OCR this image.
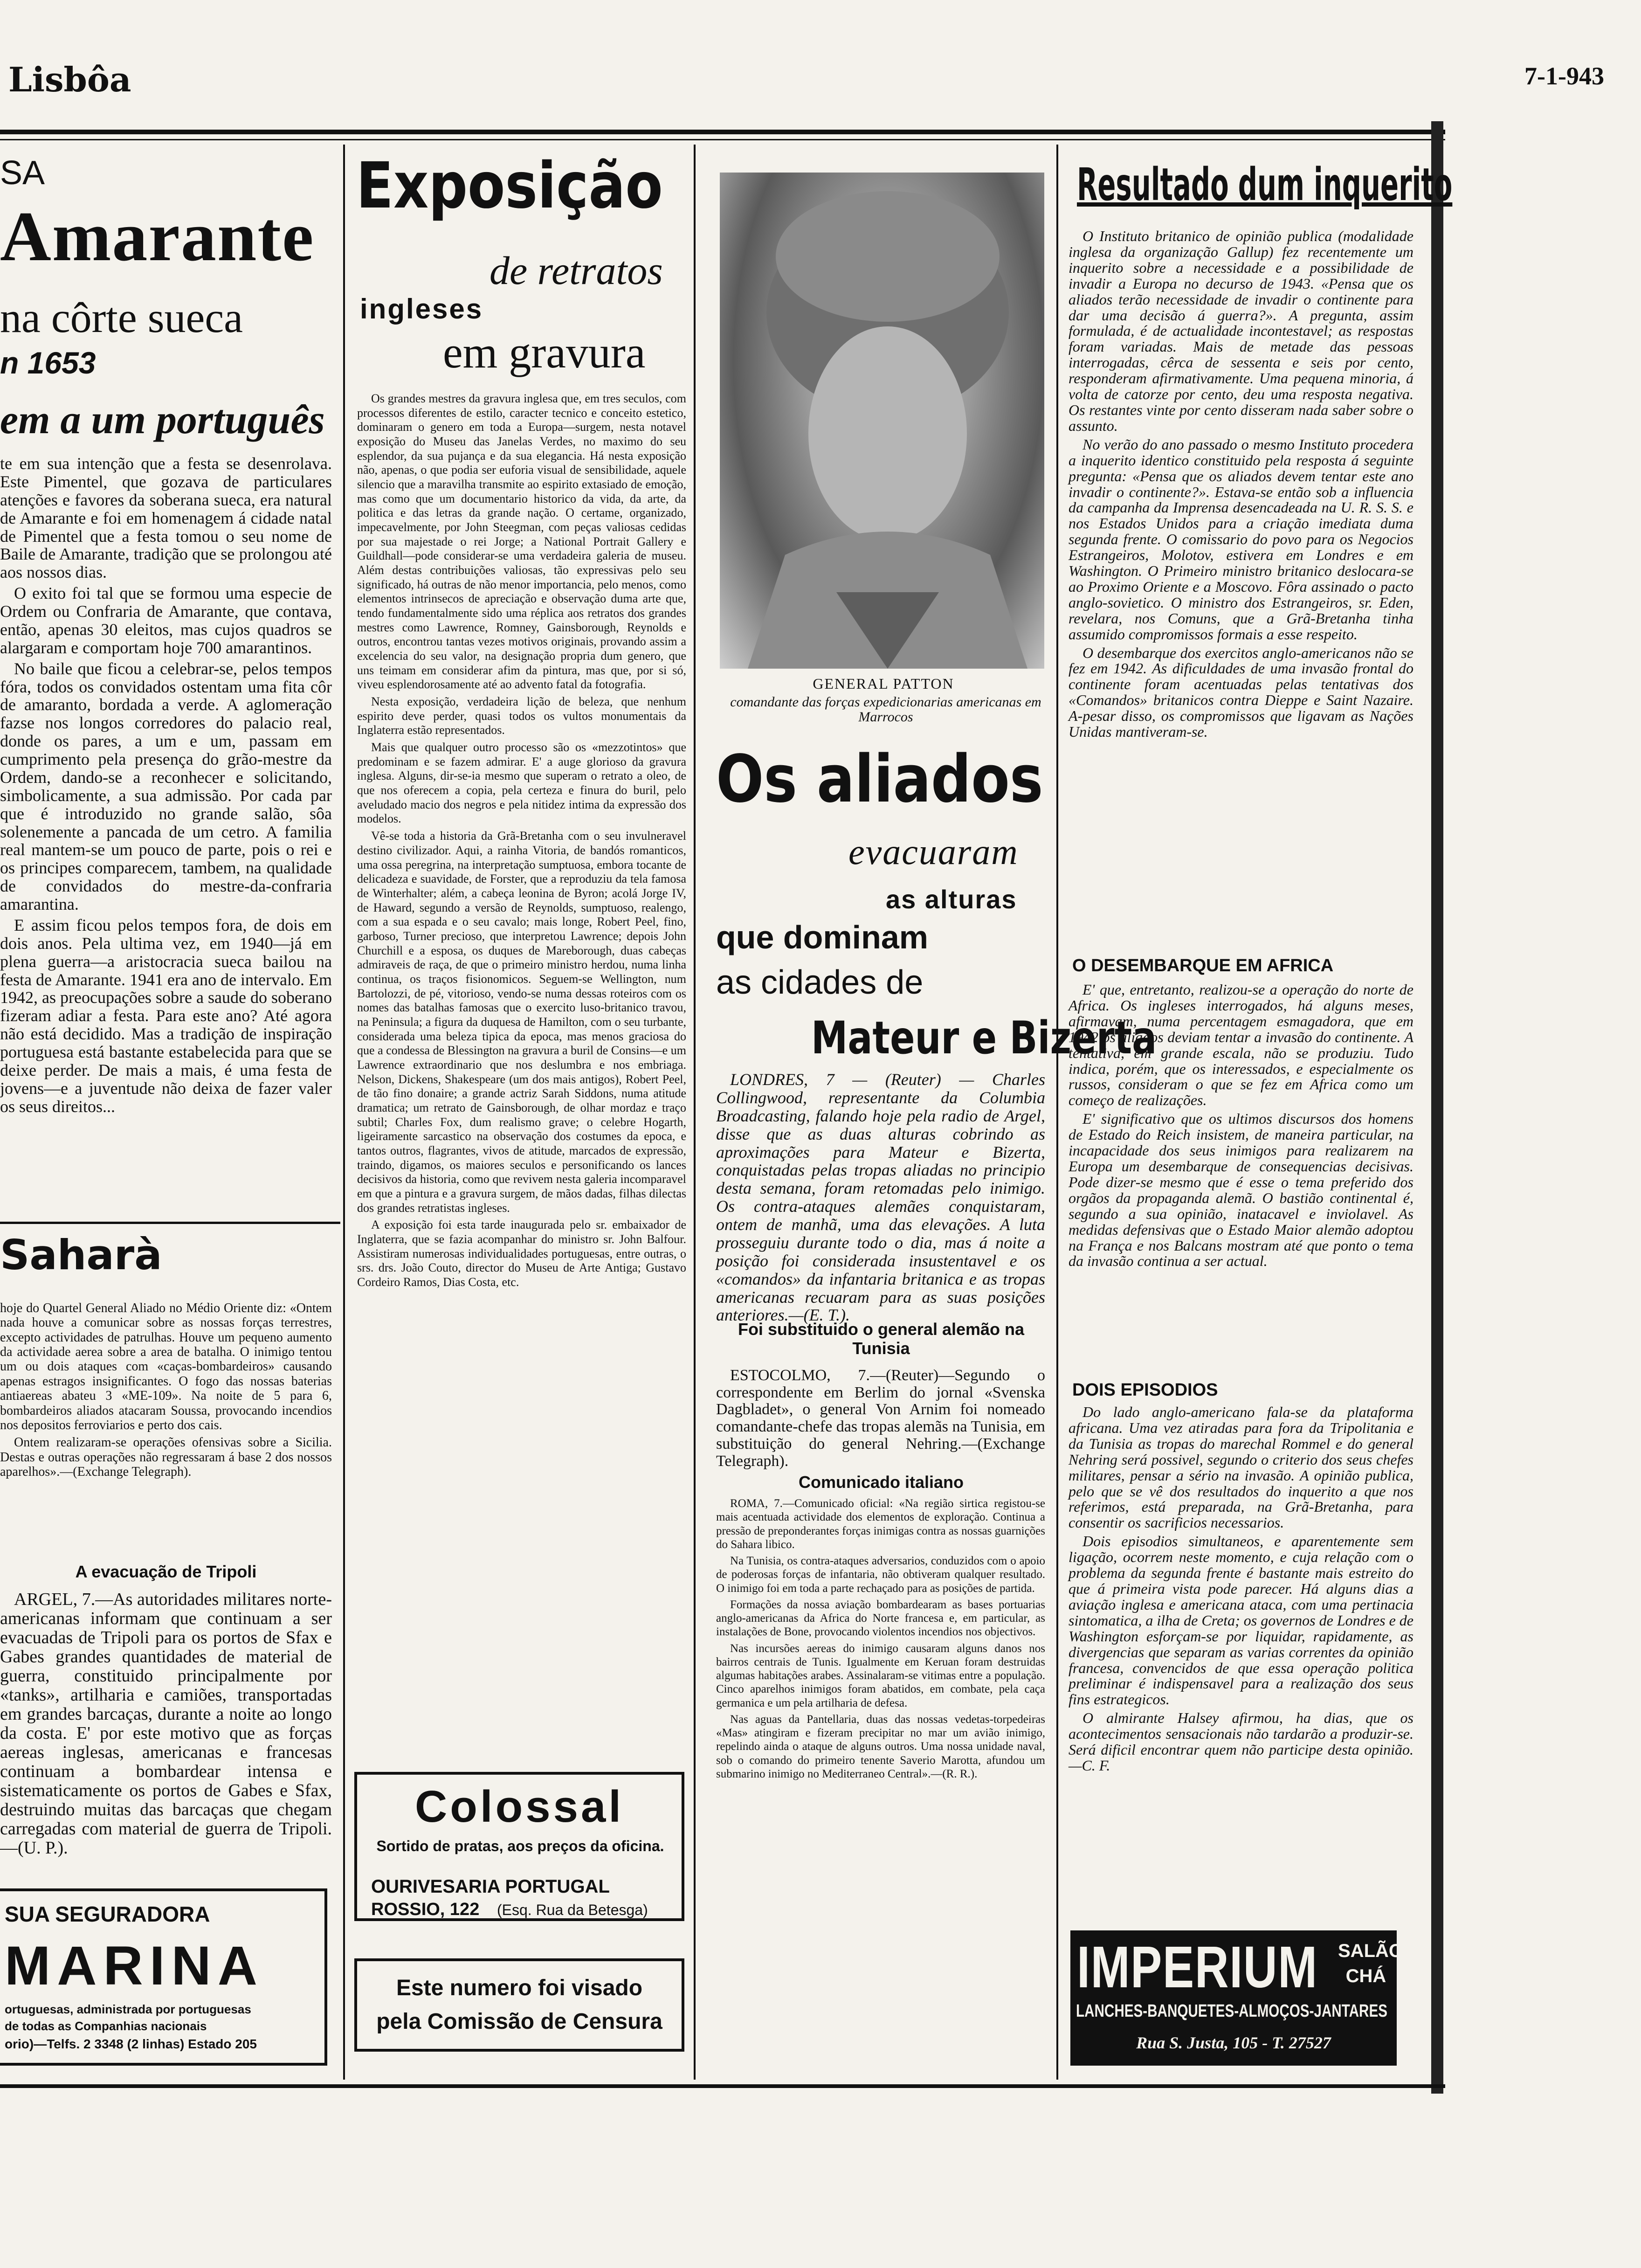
Lisbôa	7-1-943
SA
Amarante
na côrte sueca
n 1653
em a um português

te em sua intenção que a festa se desenrolava. Este Pimentel, que gozava de particulares atenções e favores da soberana sueca, era natural de Amarante e foi em homenagem á cidade natal de Pimentel que a festa tomou o seu nome de Baile de Amarante, tradição que se prolongou até aos nossos dias.

O exito foi tal que se formou uma especie de Ordem ou Confraria de Amarante, que contava, então, apenas 30 eleitos, mas cujos quadros se alargaram e comportam hoje 700 amarantinos.

No baile que ficou a celebrar-se, pelos tempos fóra, todos os convidados ostentam uma fita côr de amaranto, bordada a verde. A aglomeração fazse nos longos corredores do palacio real, donde os pares, a um e um, passam em cumprimento pela presença do grão-mestre da Ordem, dando-se a reconhecer e solicitando, simbolicamente, a sua admissão. Por cada par que é introduzido no grande salão, sôa solenemente a pancada de um cetro. A familia real mantem-se um pouco de parte, pois o rei e os principes comparecem, tambem, na qualidade de convidados do mestre-da-confraria amarantina.

E assim ficou pelos tempos fora, de dois em dois anos. Pela ultima vez, em 1940—já em plena guerra—a aristocracia sueca bailou na festa de Amarante. 1941 era ano de intervalo. Em 1942, as preocupações sobre a saude do soberano fizeram adiar a festa. Para este ano? Até agora não está decidido. Mas a tradição de inspiração portuguesa está bastante estabelecida para que se deixe perder. De mais a mais, é uma festa de jovens—e a juventude não deixa de fazer valer os seus direitos...

Saharà

hoje do Quartel General Aliado no Médio Oriente diz: «Ontem nada houve a comunicar sobre as nossas forças terrestres, excepto actividades de patrulhas. Houve um pequeno aumento da actividade aerea sobre a area de batalha. O inimigo tentou um ou dois ataques com «caças-bombardeiros» causando apenas estragos insignificantes. O fogo das nossas baterias antiaereas abateu 3 «ME-109». Na noite de 5 para 6, bombardeiros aliados atacaram Soussa, provocando incendios nos depositos ferroviarios e perto dos cais.

Ontem realizaram-se operações ofensivas sobre a Sicilia. Destas e outras operações não regressaram á base 2 dos nossos aparelhos».—(Exchange Telegraph).

A evacuação de Tripoli

ARGEL, 7.—As autoridades militares norte-americanas informam que continuam a ser evacuadas de Tripoli para os portos de Sfax e Gabes grandes quantidades de material de guerra, constituido principalmente por «tanks», artilharia e camiões, transportadas em grandes barcaças, durante a noite ao longo da costa. E' por este motivo que as forças aereas inglesas, americanas e francesas continuam a bombardear intensa e sistematicamente os portos de Gabes e Sfax, destruindo muitas das barcaças que chegam carregadas com material de guerra de Tripoli.—(U. P.).

SUA SEGURADORA
MARINA
ortuguesas, administrada por portuguesas
de todas as Companhias nacionais
orio)—Telfs. 2 3348 (2 linhas) Estado 205
Exposição
de retratos
ingleses
em gravura

Os grandes mestres da gravura inglesa que, em tres seculos, com processos diferentes de estilo, caracter tecnico e conceito estetico, dominaram o genero em toda a Europa—surgem, nesta notavel exposição do Museu das Janelas Verdes, no maximo do seu esplendor, da sua pujança e da sua elegancia. Há nesta exposição não, apenas, o que podia ser euforia visual de sensibilidade, aquele silencio que a maravilha transmite ao espirito extasiado de emoção, mas como que um documentario historico da vida, da arte, da politica e das letras da grande nação. O certame, organizado, impecavelmente, por John Steegman, com peças valiosas cedidas por sua majestade o rei Jorge; a National Portrait Gallery e Guildhall—pode considerar-se uma verdadeira galeria de museu. Além destas contribuições valiosas, tão expressivas pelo seu significado, há outras de não menor importancia, pelo menos, como elementos intrinsecos de apreciação e observação duma arte que, tendo fundamentalmente sido uma réplica aos retratos dos grandes mestres como Lawrence, Romney, Gainsborough, Reynolds e outros, encontrou tantas vezes motivos originais, provando assim a excelencia do seu valor, na designação propria dum genero, que uns teimam em considerar afim da pintura, mas que, por si só, viveu esplendorosamente até ao advento fatal da fotografia.

Nesta exposição, verdadeira lição de beleza, que nenhum espirito deve perder, quasi todos os vultos monumentais da Inglaterra estão representados.

Mais que qualquer outro processo são os «mezzotintos» que predominam e se fazem admirar. E' a auge glorioso da gravura inglesa. Alguns, dir-se-ia mesmo que superam o retrato a oleo, de que nos oferecem a copia, pela certeza e finura do buril, pelo aveludado macio dos negros e pela nitidez intima da expressão dos modelos.

Vê-se toda a historia da Grã-Bretanha com o seu invulneravel destino civilizador. Aqui, a rainha Vitoria, de bandós romanticos, uma ossa peregrina, na interpretação sumptuosa, embora tocante de delicadeza e suavidade, de Forster, que a reproduziu da tela famosa de Winterhalter; além, a cabeça leonina de Byron; acolá Jorge IV, de Haward, segundo a versão de Reynolds, sumptuoso, realengo, com a sua espada e o seu cavalo; mais longe, Robert Peel, fino, garboso, Turner precioso, que interpretou Lawrence; depois John Churchill e a esposa, os duques de Mareborough, duas cabeças admiraveis de raça, de que o primeiro ministro herdou, numa linha continua, os traços fisionomicos. Seguem-se Wellington, num Bartolozzi, de pé, vitorioso, vendo-se numa dessas roteiros com os nomes das batalhas famosas que o exercito luso-britanico travou, na Peninsula; a figura da duquesa de Hamilton, com o seu turbante, considerada uma beleza tipica da epoca, mas menos graciosa do que a condessa de Blessington na gravura a buril de Consins—e um Lawrence extraordinario que nos deslumbra e nos embriaga. Nelson, Dickens, Shakespeare (um dos mais antigos), Robert Peel, de tão fino donaire; a grande actriz Sarah Siddons, numa atitude dramatica; um retrato de Gainsborough, de olhar mordaz e traço subtil; Charles Fox, dum realismo grave; o celebre Hogarth, ligeiramente sarcastico na observação dos costumes da epoca, e tantos outros, flagrantes, vivos de atitude, marcados de expressão, traindo, digamos, os maiores seculos e personificando os lances decisivos da historia, como que revivem nesta galeria incomparavel em que a pintura e a gravura surgem, de mãos dadas, filhas dilectas dos grandes retratistas ingleses.

A exposição foi esta tarde inaugurada pelo sr. embaixador de Inglaterra, que se fazia acompanhar do ministro sr. John Balfour. Assistiram numerosas individualidades portuguesas, entre outras, o srs. drs. João Couto, director do Museu de Arte Antiga; Gustavo Cordeiro Ramos, Dias Costa, etc.

Colossal
Sortido de pratas, aos preços da oficina.
OURIVESARIA PORTUGAL
ROSSIO, 122 (Esq. Rua da Betesga)
Este numero foi visado
pela Comissão de Censura
GENERAL PATTON
comandante das forças expedicionarias americanas em Marrocos
Os aliados
evacuaram
as alturas
que dominam
as cidades de
Mateur e Bizerta

LONDRES, 7 — (Reuter) — Charles Collingwood, representante da Columbia Broadcasting, falando hoje pela radio de Argel, disse que as duas alturas cobrindo as aproximações para Mateur e Bizerta, conquistadas pelas tropas aliadas no principio desta semana, foram retomadas pelo inimigo. Os contra-ataques alemães conquistaram, ontem de manhã, uma das elevações. A luta prosseguiu durante todo o dia, mas á noite a posição foi considerada insustentavel e os «comandos» da infantaria britanica e as tropas americanas recuaram para as suas posições anteriores.—(E. T.).

Foi substituido o general alemão na Tunisia

ESTOCOLMO, 7.—(Reuter)—Segundo o correspondente em Berlim do jornal «Svenska Dagbladet», o general Von Arnim foi nomeado comandante-chefe das tropas alemãs na Tunisia, em substituição do general Nehring.—(Exchange Telegraph).

Comunicado italiano

ROMA, 7.—Comunicado oficial: «Na região sirtica registou-se mais acentuada actividade dos elementos de exploração. Continua a pressão de preponderantes forças inimigas contra as nossas guarnições do Sahara libico.

Na Tunisia, os contra-ataques adversarios, conduzidos com o apoio de poderosas forças de infantaria, não obtiveram qualquer resultado. O inimigo foi em toda a parte rechaçado para as posições de partida.

Formações da nossa aviação bombardearam as bases portuarias anglo-americanas da Africa do Norte francesa e, em particular, as instalações de Bone, provocando violentos incendios nos objectivos.

Nas incursões aereas do inimigo causaram alguns danos nos bairros centrais de Tunis. Igualmente em Keruan foram destruidas algumas habitações arabes. Assinalaram-se vitimas entre a população. Cinco aparelhos inimigos foram abatidos, em combate, pela caça germanica e um pela artilharia de defesa.

Nas aguas da Pantellaria, duas das nossas vedetas-torpedeiras «Mas» atingiram e fizeram precipitar no mar um avião inimigo, repelindo ainda o ataque de alguns outros. Uma nossa unidade naval, sob o comando do primeiro tenente Saverio Marotta, afundou um submarino inimigo no Mediterraneo Central».—(R. R.).

Resultado dum inquerito

O Instituto britanico de opinião publica (modalidade inglesa da organização Gallup) fez recentemente um inquerito sobre a necessidade e a possibilidade de invadir a Europa no decurso de 1943. «Pensa que os aliados terão necessidade de invadir o continente para dar uma decisão á guerra?». A pregunta, assim formulada, é de actualidade incontestavel; as respostas foram variadas. Mais de metade das pessoas interrogadas, cêrca de sessenta e seis por cento, responderam afirmativamente. Uma pequena minoria, á volta de catorze por cento, deu uma resposta negativa. Os restantes vinte por cento disseram nada saber sobre o assunto.

No verão do ano passado o mesmo Instituto procedera a inquerito identico constituido pela resposta á seguinte pregunta: «Pensa que os aliados devem tentar este ano invadir o continente?». Estava-se então sob a influencia da campanha da Imprensa desencadeada na U. R. S. S. e nos Estados Unidos para a criação imediata duma segunda frente. O comissario do povo para os Negocios Estrangeiros, Molotov, estivera em Londres e em Washington. O Primeiro ministro britanico deslocara-se ao Proximo Oriente e a Moscovo. Fôra assinado o pacto anglo-sovietico. O ministro dos Estrangeiros, sr. Eden, revelara, nos Comuns, que a Grã-Bretanha tinha assumido compromissos formais a esse respeito.

O desembarque dos exercitos anglo-americanos não se fez em 1942. As dificuldades de uma invasão frontal do continente foram acentuadas pelas tentativas dos «Comandos» britanicos contra Dieppe e Saint Nazaire. A-pesar disso, os compromissos que ligavam as Nações Unidas mantiveram-se.

O DESEMBARQUE EM AFRICA

E' que, entretanto, realizou-se a operação do norte de Africa. Os ingleses interrogados, há alguns meses, afirmavam, numa percentagem esmagadora, que em 1942 os aliados deviam tentar a invasão do continente. A tentativa, em grande escala, não se produziu. Tudo indica, porém, que os interessados, e especialmente os russos, consideram o que se fez em Africa como um começo de realizações.

E' significativo que os ultimos discursos dos homens de Estado do Reich insistem, de maneira particular, na incapacidade dos seus inimigos para realizarem na Europa um desembarque de consequencias decisivas. Pode dizer-se mesmo que é esse o tema preferido dos orgãos da propaganda alemã. O bastião continental é, segundo a sua opinião, inatacavel e inviolavel. As medidas defensivas que o Estado Maior alemão adoptou na França e nos Balcans mostram até que ponto o tema da invasão continua a ser actual.

DOIS EPISODIOS

Do lado anglo-americano fala-se da plataforma africana. Uma vez atiradas para fora da Tripolitania e da Tunisia as tropas do marechal Rommel e do general Nehring será possivel, segundo o criterio dos seus chefes militares, pensar a sério na invasão. A opinião publica, pelo que se vê dos resultados do inquerito a que nos referimos, está preparada, na Grã-Bretanha, para consentir os sacrificios necessarios.

Dois episodios simultaneos, e aparentemente sem ligação, ocorrem neste momento, e cuja relação com o problema da segunda frente é bastante mais estreito do que á primeira vista pode parecer. Há alguns dias a aviação inglesa e americana ataca, com uma pertinacia sintomatica, a ilha de Creta; os governos de Londres e de Washington esforçam-se por liquidar, rapidamente, as divergencias que separam as varias correntes da opinião francesa, convencidos de que essa operação politica preliminar é indispensavel para a realização dos seus fins estrategicos.

O almirante Halsey afirmou, ha dias, que os acontecimentos sensacionais não tardarão a produzir-se. Será dificil encontrar quem não participe desta opinião.—C. F.

IMPERIUM SALÃO
CHÁ
LANCHES-BANQUETES-ALMOÇOS-JANTARES
Rua S. Justa, 105 - T. 27527
